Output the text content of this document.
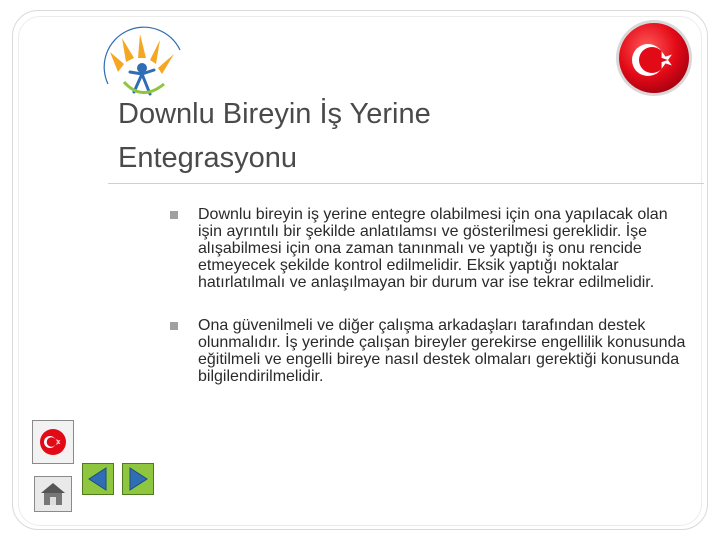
Downlu Bireyin İş Yerine
Entegrasyonu
Downlu bireyin iş yerine entegre olabilmesi için ona yapılacak olan işin ayrıntılı bir şekilde anlatılamsı ve gösterilmesi gereklidir. İşe alışabilmesi için ona zaman tanınmalı ve yaptığı iş onu rencide etmeyecek şekilde kontrol edilmelidir. Eksik yaptığı noktalar hatırlatılmalı ve anlaşılmayan bir durum var ise tekrar edilmelidir.
Ona güvenilmeli ve diğer çalışma arkadaşları tarafından destek olunmalıdır. İş yerinde çalışan bireyler gerekirse engellilik konusunda eğitilmeli ve engelli bireye nasıl destek olmaları gerektiği konusunda bilgilendirilmelidir.
